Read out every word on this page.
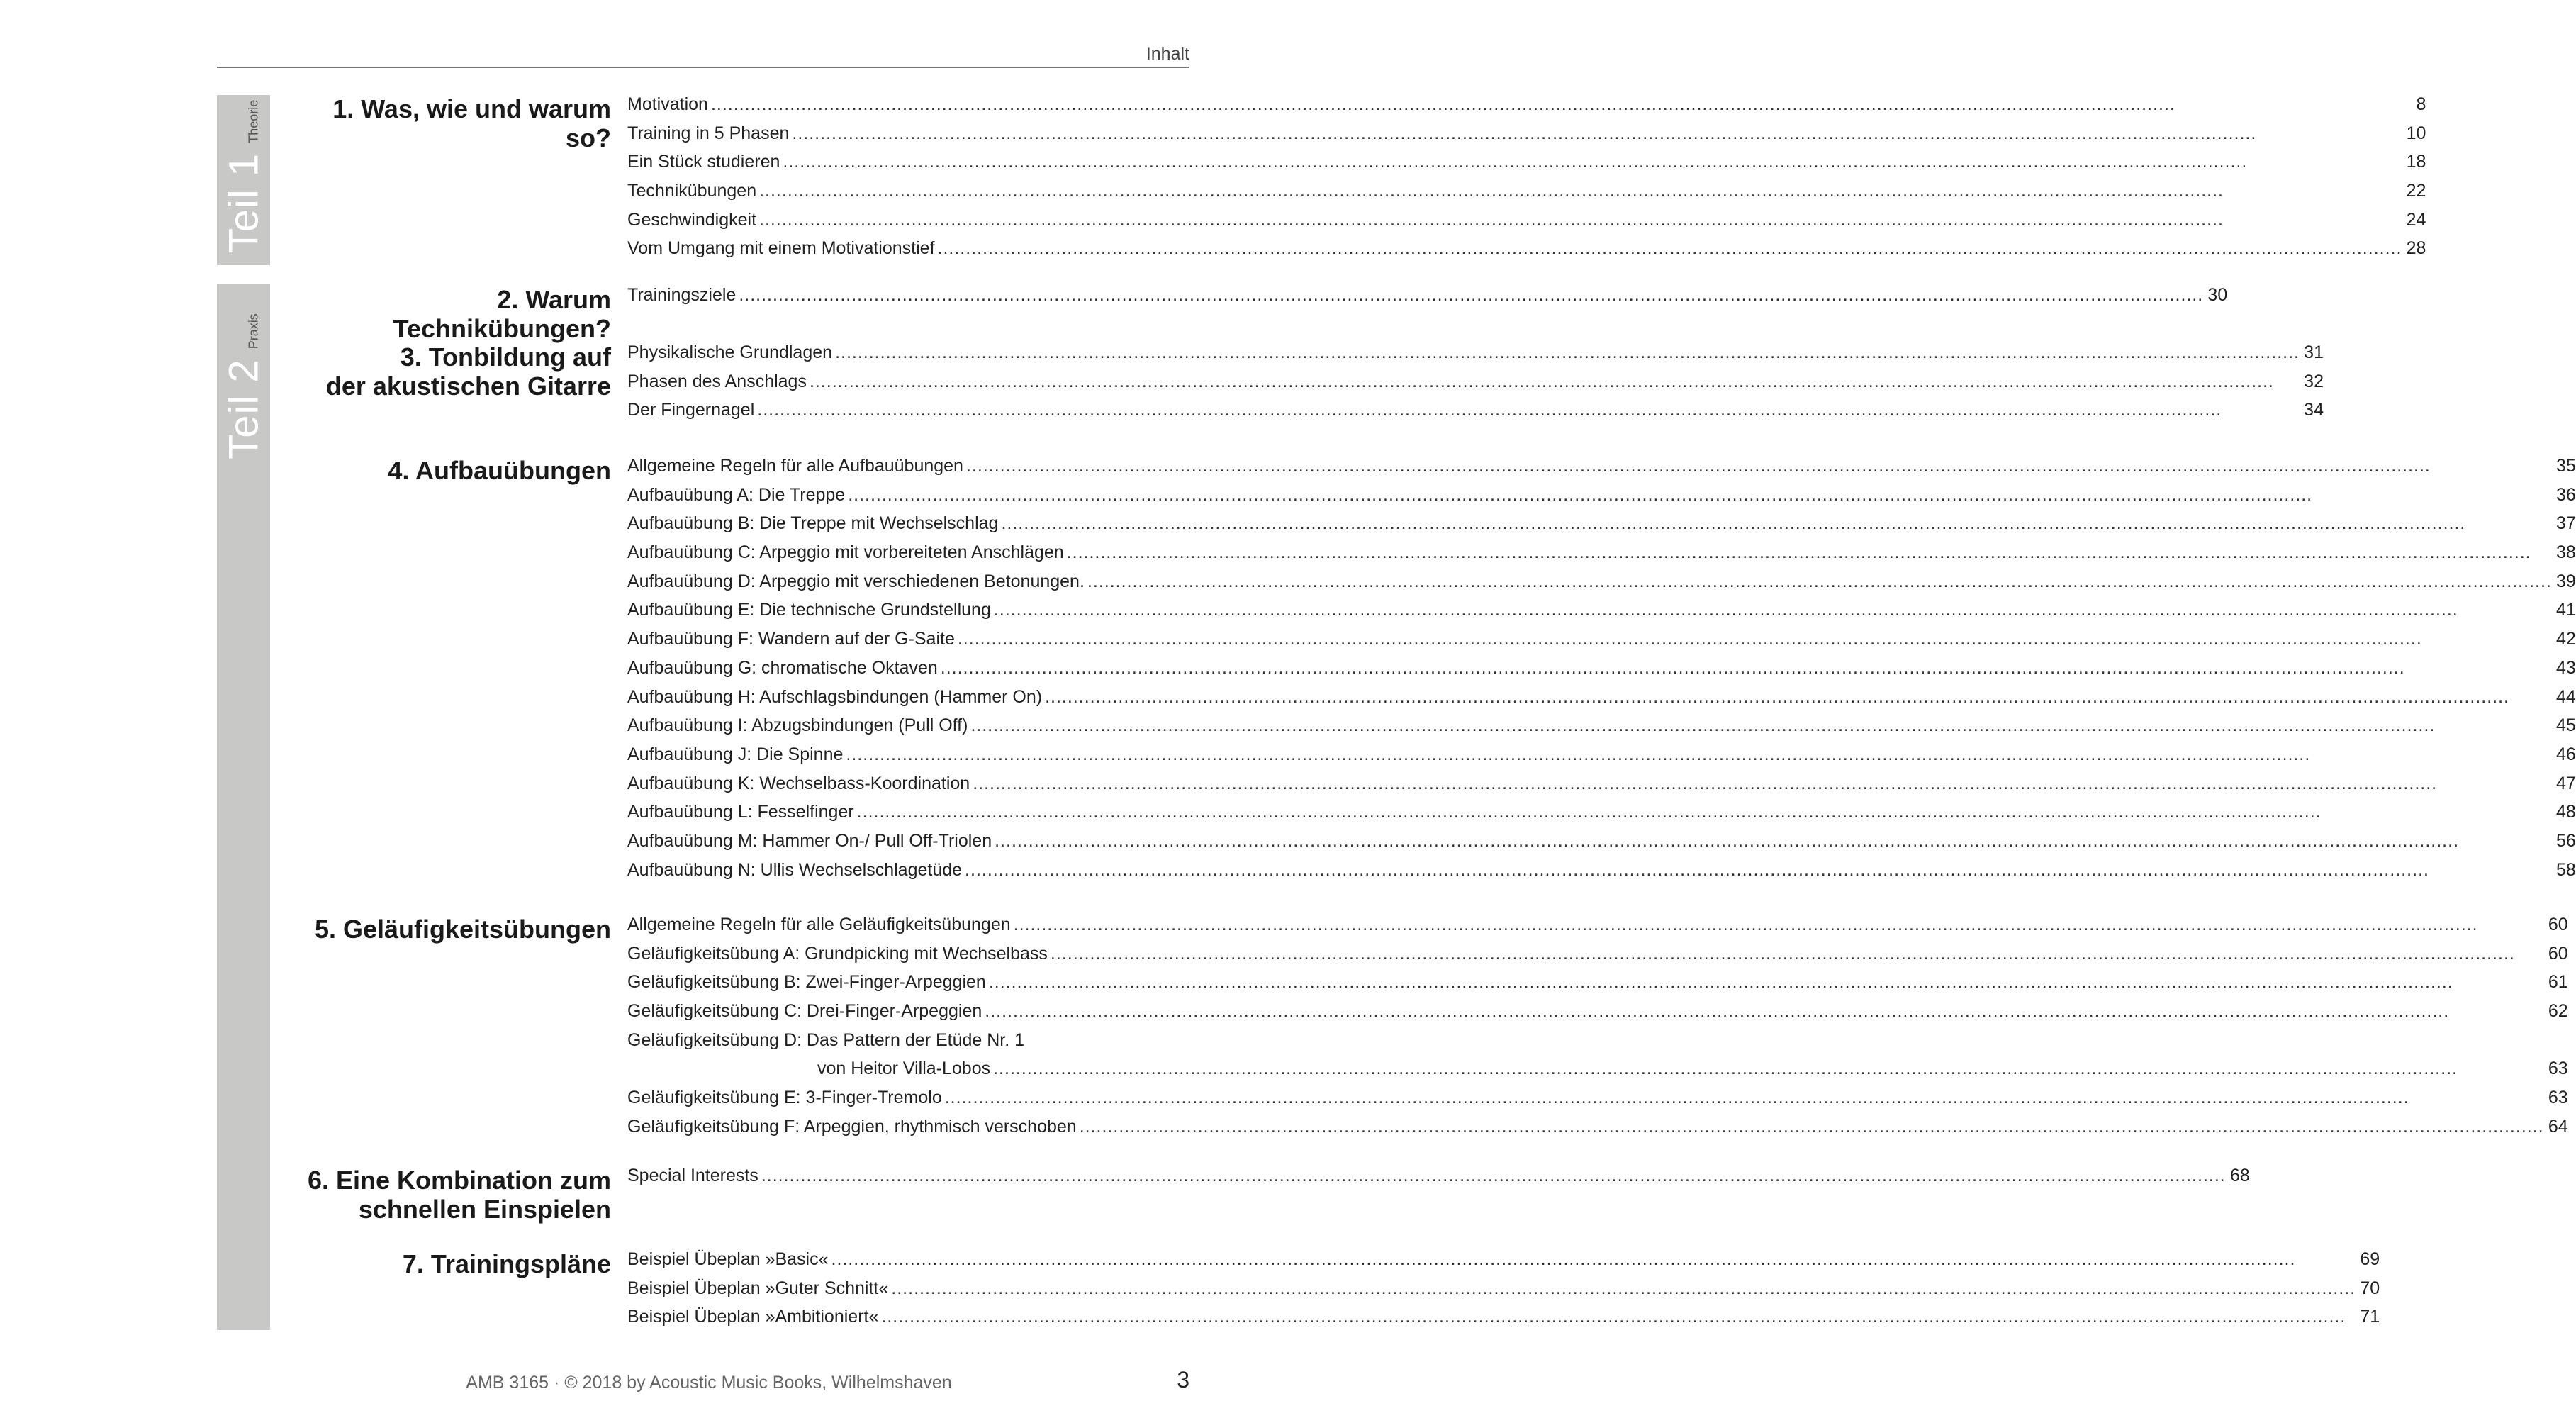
Inhalt
Teil 1
Theorie
Teil 2
Praxis
1. Was, wie und warum so?
Motivation .....	8
Training in 5 Phasen .....	10
Ein Stück studieren .....	18
Technikübungen .....	22
Geschwindigkeit .....	24
Vom Umgang mit einem Motivationstief .....	28
2. Warum Technikübungen?
Trainingsziele .....	30
3. Tonbildung auf
der akustischen Gitarre
Physikalische Grundlagen .....	31
Phasen des Anschlags .....	32
Der Fingernagel .....	34
4. Aufbauübungen Allgemeine Regeln für alle Aufbauübungen .....	35
Aufbauübung A: Die Treppe .....	36
Aufbauübung B: Die Treppe mit Wechselschlag .....	37
Aufbauübung C: Arpeggio mit vorbereiteten Anschlägen .....	38
Aufbauübung D: Arpeggio mit verschiedenen Betonungen. .....	39
Aufbauübung E: Die technische Grundstellung .....	41
Aufbauübung F: Wandern auf der G-Saite .....	42
Aufbauübung G: chromatische Oktaven .....	43
Aufbauübung H: Aufschlagsbindungen (Hammer On) .....	44
Aufbauübung I: Abzugsbindungen (Pull Off) .....	45
Aufbauübung J: Die Spinne .....	46
Aufbauübung K: Wechselbass-Koordination .....	47
Aufbauübung L: Fesselfinger .....	48
Aufbauübung M: Hammer On-/ Pull Off-Triolen .....	56
Aufbauübung N: Ullis Wechselschlagetüde .....	58
5. Geläufigkeitsübungen Allgemeine Regeln für alle Geläufigkeitsübungen .....	60
Geläufigkeitsübung A: Grundpicking mit Wechselbass .....	60
Geläufigkeitsübung B: Zwei-Finger-Arpeggien .....	61
Geläufigkeitsübung C: Drei-Finger-Arpeggien .....	62
Geläufigkeitsübung D: Das Pattern der Etüde Nr. 1
von Heitor Villa-Lobos .....	63
Geläufigkeitsübung E: 3-Finger-Tremolo .....	63
Geläufigkeitsübung F: Arpeggien, rhythmisch verschoben .....	64
6. Eine Kombination zum
schnellen Einspielen
Special Interests .....	68
7. Trainingspläne Beispiel Übeplan »Basic« .....	69
Beispiel Übeplan »Guter Schnitt« .....	70
Beispiel Übeplan »Ambitioniert« .....	71
AMB 3165 · © 2018 by Acoustic Music Books, Wilhelmshaven	3
